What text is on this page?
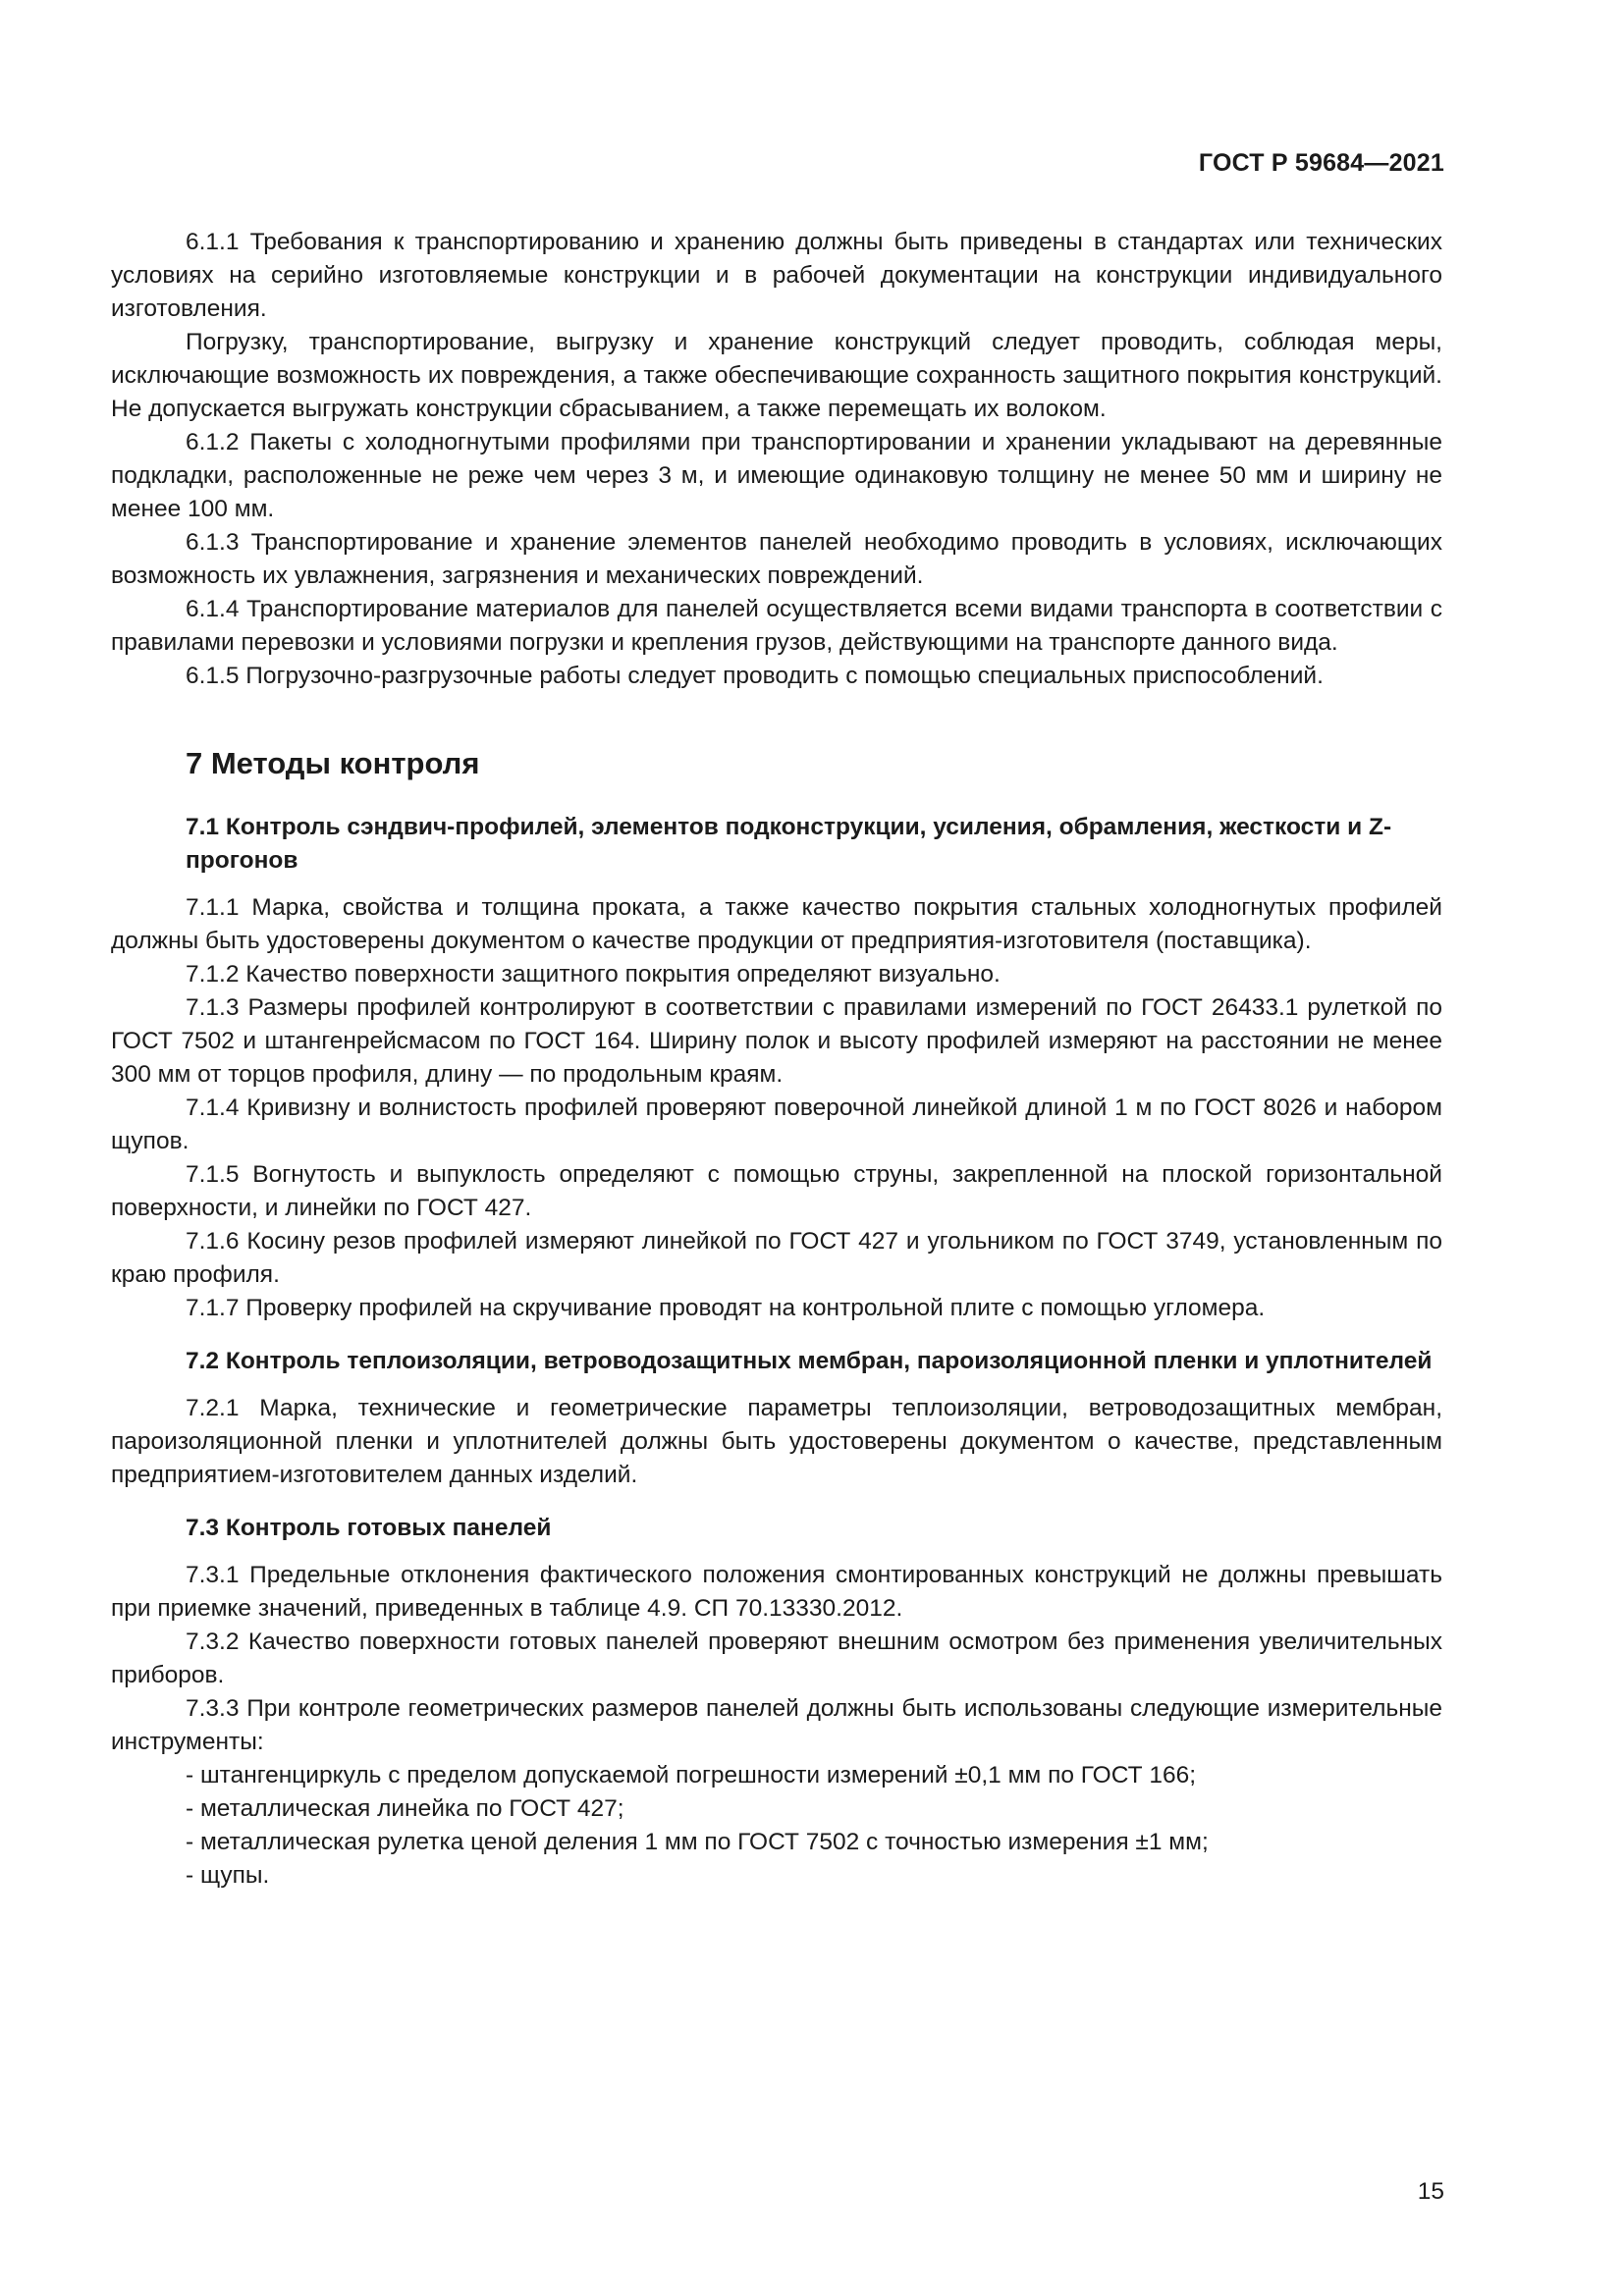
ГОСТ Р 59684—2021

6.1.1 Требования к транспортированию и хранению должны быть приведены в стандартах или технических условиях на серийно изготовляемые конструкции и в рабочей документации на конструкции индивидуального изготовления.

Погрузку, транспортирование, выгрузку и хранение конструкций следует проводить, соблюдая меры, исключающие возможность их повреждения, а также обеспечивающие сохранность защитного покрытия конструкций. Не допускается выгружать конструкции сбрасыванием, а также перемещать их волоком.

6.1.2 Пакеты с холодногнутыми профилями при транспортировании и хранении укладывают на деревянные подкладки, расположенные не реже чем через 3 м, и имеющие одинаковую толщину не менее 50 мм и ширину не менее 100 мм.

6.1.3 Транспортирование и хранение элементов панелей необходимо проводить в условиях, исключающих возможность их увлажнения, загрязнения и механических повреждений.

6.1.4 Транспортирование материалов для панелей осуществляется всеми видами транспорта в соответствии с правилами перевозки и условиями погрузки и крепления грузов, действующими на транспорте данного вида.

6.1.5 Погрузочно-разгрузочные работы следует проводить с помощью специальных приспособлений.

7 Методы контроля
7.1 Контроль сэндвич-профилей, элементов подконструкции, усиления, обрамления, жесткости и Z-прогонов

7.1.1 Марка, свойства и толщина проката, а также качество покрытия стальных холодногнутых профилей должны быть удостоверены документом о качестве продукции от предприятия-изготовителя (поставщика).

7.1.2 Качество поверхности защитного покрытия определяют визуально.

7.1.3 Размеры профилей контролируют в соответствии с правилами измерений по ГОСТ 26433.1 рулеткой по ГОСТ 7502 и штангенрейсмасом по ГОСТ 164. Ширину полок и высоту профилей измеряют на расстоянии не менее 300 мм от торцов профиля, длину — по продольным краям.

7.1.4 Кривизну и волнистость профилей проверяют поверочной линейкой длиной 1 м по ГОСТ 8026 и набором щупов.

7.1.5 Вогнутость и выпуклость определяют с помощью струны, закрепленной на плоской горизонтальной поверхности, и линейки по ГОСТ 427.

7.1.6 Косину резов профилей измеряют линейкой по ГОСТ 427 и угольником по ГОСТ 3749, установленным по краю профиля.

7.1.7 Проверку профилей на скручивание проводят на контрольной плите с помощью угломера.

7.2 Контроль теплоизоляции, ветроводозащитных мембран, пароизоляционной пленки и уплотнителей

7.2.1 Марка, технические и геометрические параметры теплоизоляции, ветроводозащитных мембран, пароизоляционной пленки и уплотнителей должны быть удостоверены документом о качестве, представленным предприятием-изготовителем данных изделий.

7.3 Контроль готовых панелей

7.3.1 Предельные отклонения фактического положения смонтированных конструкций не должны превышать при приемке значений, приведенных в таблице 4.9. СП 70.13330.2012.

7.3.2 Качество поверхности готовых панелей проверяют внешним осмотром без применения увеличительных приборов.

7.3.3 При контроле геометрических размеров панелей должны быть использованы следующие измерительные инструменты:

- штангенциркуль с пределом допускаемой погрешности измерений ±0,1 мм по ГОСТ 166;

- металлическая линейка по ГОСТ 427;

- металлическая рулетка ценой деления 1 мм по ГОСТ 7502 с точностью измерения ±1 мм;

- щупы.

15
